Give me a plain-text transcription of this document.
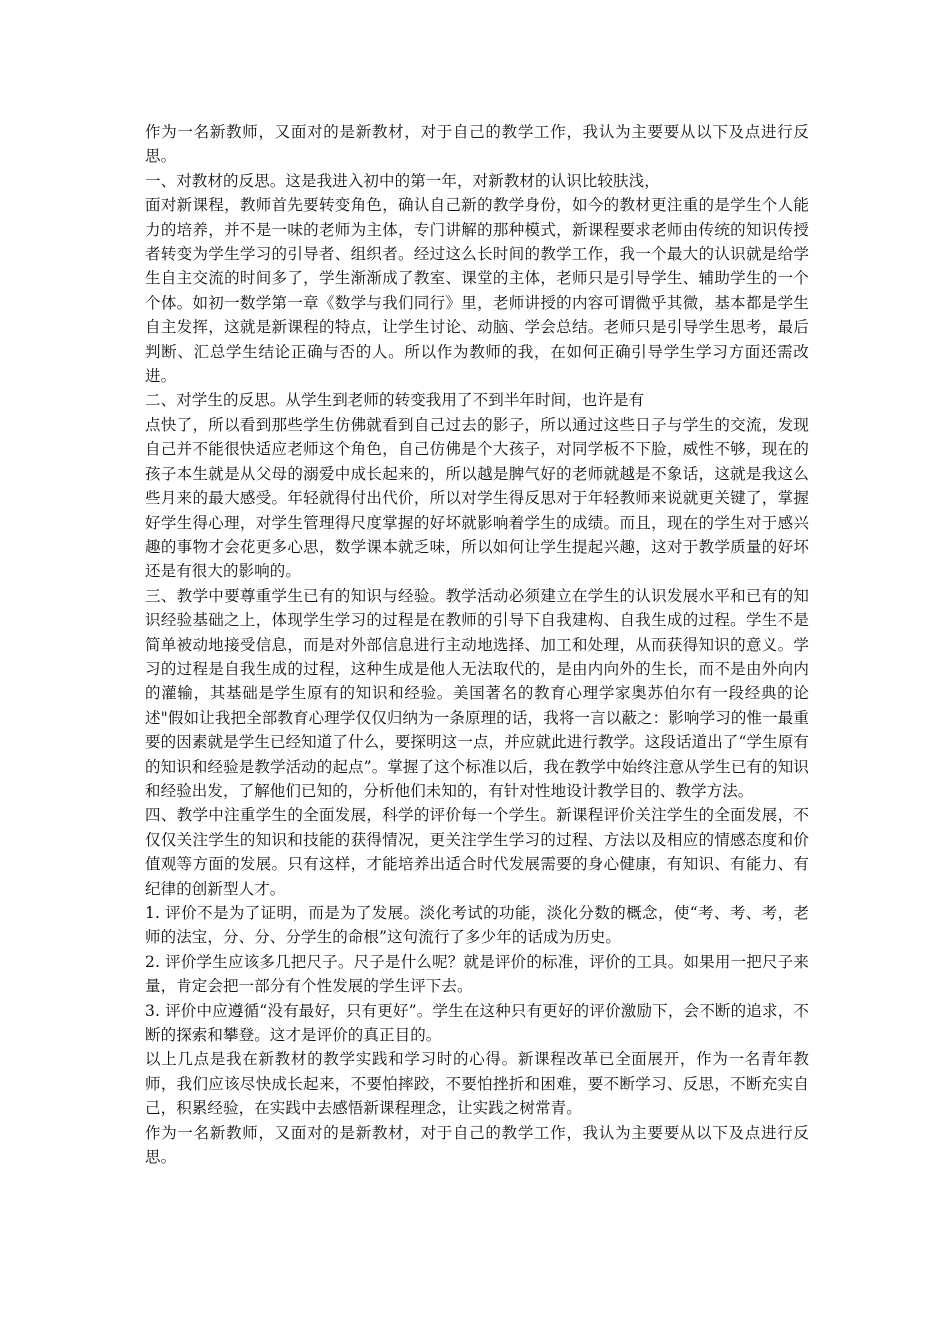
作为一名新教师，又面对的是新教材，对于自己的教学工作，我认为主要要从以下及点进行反思。

一、对教材的反思。这是我进入初中的第一年，对新教材的认识比较肤浅，

面对新课程，教师首先要转变角色，确认自己新的教学身份，如今的教材更注重的是学生个人能力的培养，并不是一味的老师为主体，专门讲解的那种模式，新课程要求老师由传统的知识传授者转变为学生学习的引导者、组织者。经过这么长时间的教学工作，我一个最大的认识就是给学生自主交流的时间多了，学生渐渐成了教室、课堂的主体，老师只是引导学生、辅助学生的一个个体。如初一数学第一章《数学与我们同行》里，老师讲授的内容可谓微乎其微，基本都是学生自主发挥，这就是新课程的特点，让学生讨论、动脑、学会总结。老师只是引导学生思考，最后判断、汇总学生结论正确与否的人。所以作为教师的我，在如何正确引导学生学习方面还需改进。

二、对学生的反思。从学生到老师的转变我用了不到半年时间，也许是有

点快了，所以看到那些学生仿佛就看到自己过去的影子，所以通过这些日子与学生的交流，发现自己并不能很快适应老师这个角色，自己仿佛是个大孩子，对同学板不下脸，威性不够，现在的孩子本生就是从父母的溺爱中成长起来的，所以越是脾气好的老师就越是不象话，这就是我这么些月来的最大感受。年轻就得付出代价，所以对学生得反思对于年轻教师来说就更关键了，掌握好学生得心理，对学生管理得尺度掌握的好坏就影响着学生的成绩。而且，现在的学生对于感兴趣的事物才会花更多心思，数学课本就乏味，所以如何让学生提起兴趣，这对于教学质量的好坏还是有很大的影响的。

三、教学中要尊重学生已有的知识与经验。教学活动必须建立在学生的认识发展水平和已有的知识经验基础之上，体现学生学习的过程是在教师的引导下自我建构、自我生成的过程。学生不是简单被动地接受信息，而是对外部信息进行主动地选择、加工和处理，从而获得知识的意义。学习的过程是自我生成的过程，这种生成是他人无法取代的，是由内向外的生长，而不是由外向内的灌输，其基础是学生原有的知识和经验。美国著名的教育心理学家奥苏伯尔有一段经典的论述"假如让我把全部教育心理学仅仅归纳为一条原理的话，我将一言以蔽之：影响学习的惟一最重要的因素就是学生已经知道了什么，要探明这一点，并应就此进行教学。这段话道出了“学生原有的知识和经验是教学活动的起点”。掌握了这个标准以后，我在教学中始终注意从学生已有的知识和经验出发，了解他们已知的，分析他们未知的，有针对性地设计教学目的、教学方法。

四、教学中注重学生的全面发展，科学的评价每一个学生。新课程评价关注学生的全面发展，不仅仅关注学生的知识和技能的获得情况，更关注学生学习的过程、方法以及相应的情感态度和价值观等方面的发展。只有这样，才能培养出适合时代发展需要的身心健康，有知识、有能力、有纪律的创新型人才。

1. 评价不是为了证明，而是为了发展。淡化考试的功能，淡化分数的概念，使“考、考、考，老师的法宝，分、分、分学生的命根”这句流行了多少年的话成为历史。

2. 评价学生应该多几把尺子。尺子是什么呢？就是评价的标准，评价的工具。如果用一把尺子来量，肯定会把一部分有个性发展的学生评下去。

3. 评价中应遵循“没有最好，只有更好”。学生在这种只有更好的评价激励下，会不断的追求，不断的探索和攀登。这才是评价的真正目的。

以上几点是我在新教材的教学实践和学习时的心得。新课程改革已全面展开，作为一名青年教师，我们应该尽快成长起来，不要怕摔跤，不要怕挫折和困难，要不断学习、反思，不断充实自己，积累经验，在实践中去感悟新课程理念，让实践之树常青。

作为一名新教师，又面对的是新教材，对于自己的教学工作，我认为主要要从以下及点进行反思。
